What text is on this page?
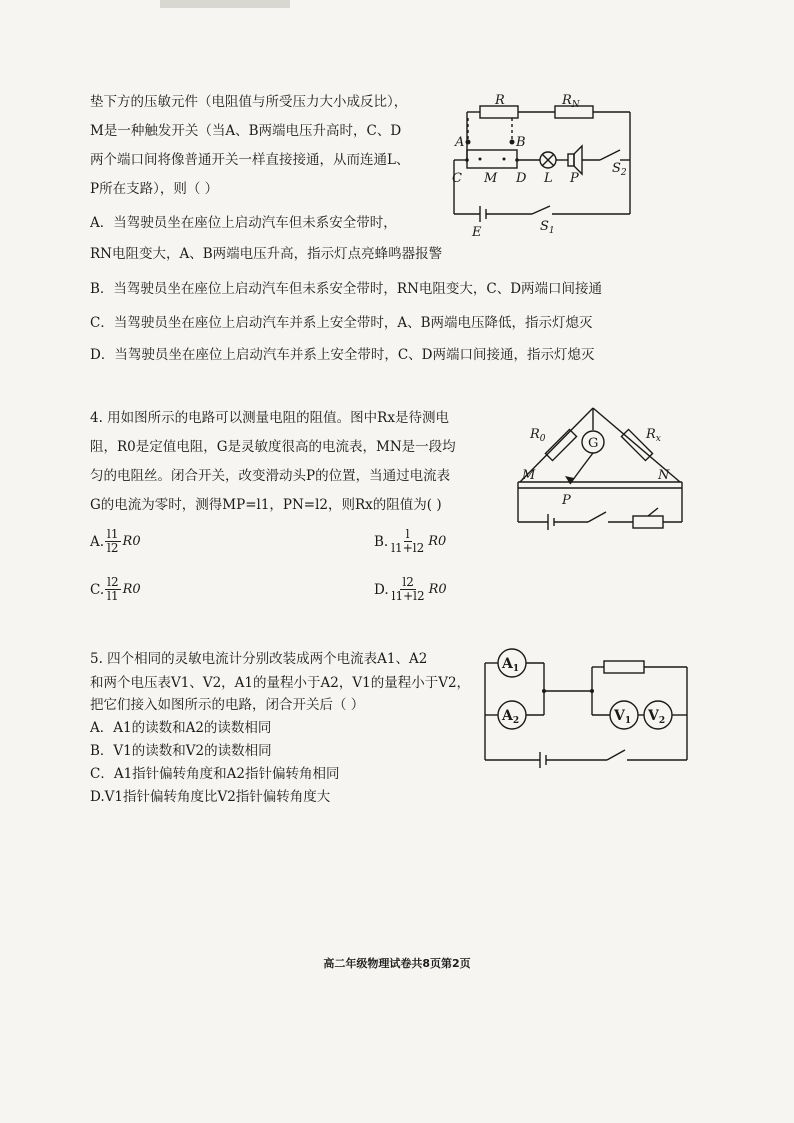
垫下方的压敏元件（电阻值与所受压力大小成反比），
M是一种触发开关（当A、B两端电压升高时，C、D
两个端口间将像普通开关一样直接接通，从而连通L、
P所在支路），则（ ）
A．当驾驶员坐在座位上启动汽车但未系安全带时，
RN电阻变大，A、B两端电压升高，指示灯点亮蜂鸣器报警
B．当驾驶员坐在座位上启动汽车但未系安全带时，RN电阻变大，C、D两端口间接通
C．当驾驶员坐在座位上启动汽车并系上安全带时，A、B两端电压降低，指示灯熄灭
D．当驾驶员坐在座位上启动汽车并系上安全带时，C、D两端口间接通，指示灯熄灭
R	$R_N$
A	B
C M D L P
$S_2$
E	$S_1$
4. 用如图所示的电路可以测量电阻的阻值。图中Rx是待测电
阻，R0是定值电阻，G是灵敏度很高的电流表，MN是一段均
匀的电阻丝。闭合开关，改变滑动头P的位置，当通过电流表
G的电流为零时，测得MP=l1，PN=l2，则Rx的阻值为( )
A. $\frac{l1}{l2} R0$	B. $\frac{l}{l1+l2} R0$
C. $\frac{l2}{l1} R0$	D. $\frac{l2}{l1+l2} R0$
$R_0$	G
$R_x$
M	N
P
5. 四个相同的灵敏电流计分别改装成两个电流表A1、A2
和两个电压表V1、V2，A1的量程小于A2，V1的量程小于V2，
把它们接入如图所示的电路，闭合开关后（ ）
A．A1的读数和A2的读数相同
B．V1的读数和V2的读数相同
C．A1指针偏转角度和A2指针偏转角相同
D.V1指针偏转角度比V2指针偏转角度大
$A_1$
$A_2$	$V_1$ $V_2$
高二年级物理试卷共8页第2页
